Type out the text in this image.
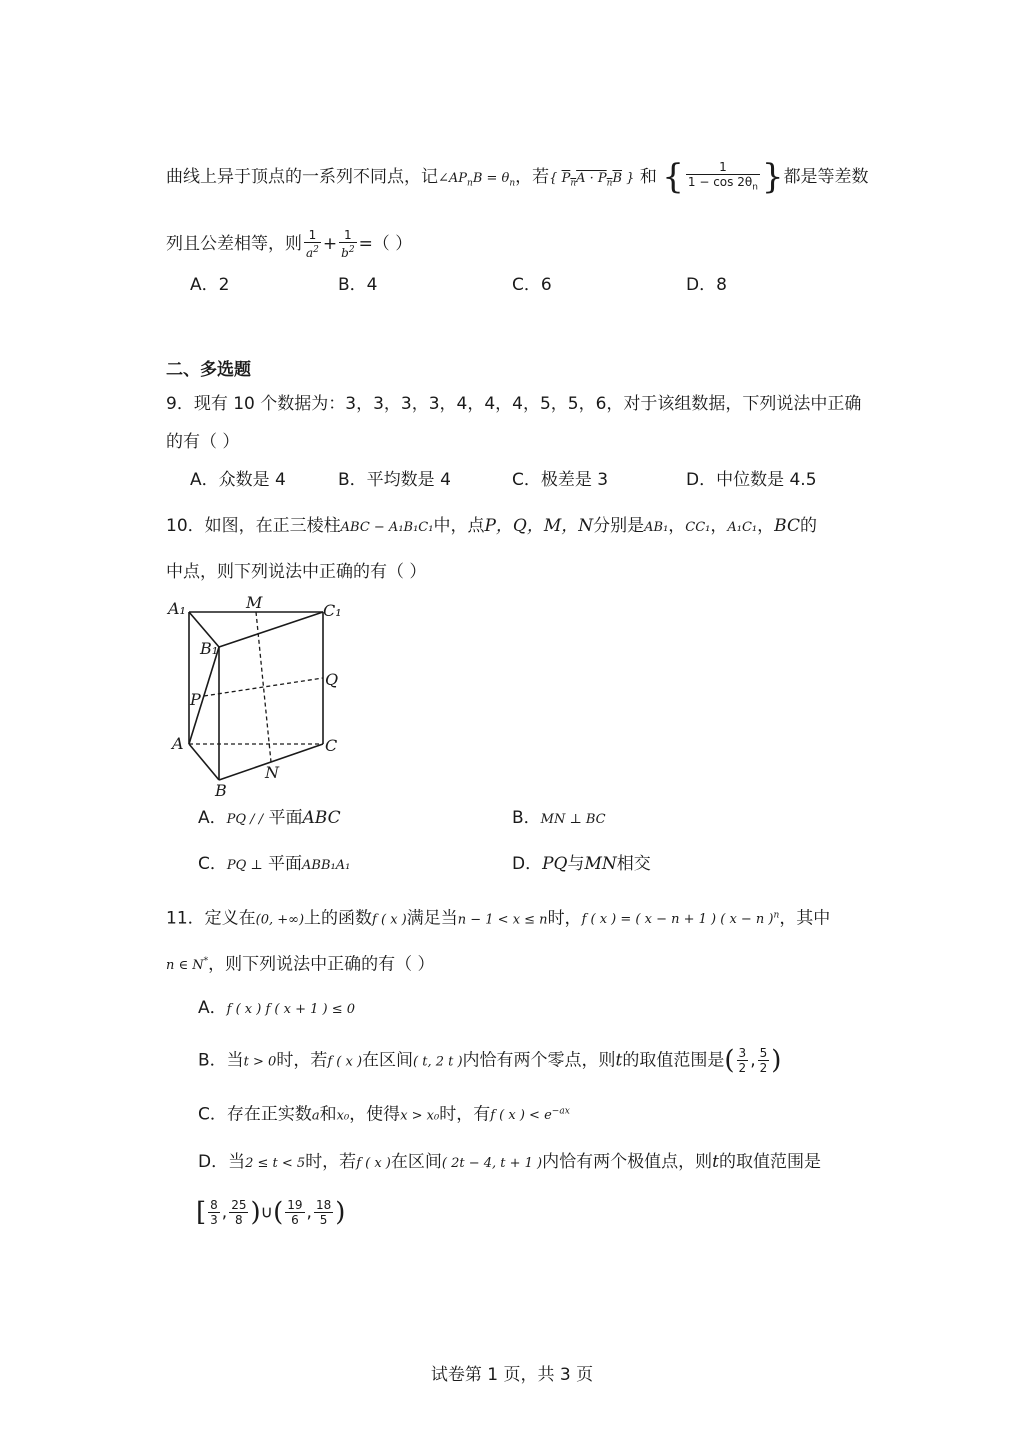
曲线上异于顶点的一系列不同点，记$\angle AP_nB = \theta_n$，若{ $P_nA \cdot P_nB$ } 和 { $\frac{1}{1 - \cos 2\theta_n}$ }都是等差数
列且公差相等，则 $\frac{1}{a^2} + \frac{1}{b^2}$ =（ ）
A．2	B．4	C．6	D．8
二、多选题
9．现有 10 个数据为：3，3，3，3，4，4，4，5，5，6，对于该组数据，下列说法中正确
的有（ ）
A．众数是 4	B．平均数是 4	C．极差是 3	D．中位数是 4.5
10．如图，在正三棱柱ABC − A₁B₁C₁中，点P，Q，M，N分别是AB₁，CC₁，A₁C₁，BC的
中点，则下列说法中正确的有（ ）
A₁	M	C₁
B₁
Q
P
A	C
N
B
A．PQ / / 平面ABC	B．MN ⊥ BC
C．PQ ⊥ 平面ABB₁A₁	D．PQ与MN相交
11．定义在(0, +∞)上的函数f ( x )满足当n − 1 < x ≤ n时，f ( x ) = ( x − n + 1 ) ( x − n )$^n$，其中
n ∈ N*，则下列说法中正确的有（ ）
A．f ( x ) f ( x + 1 ) ≤ 0
B．当t > 0时，若f ( x )在区间( t, 2 t )内恰有两个零点，则t的取值范围是( $\frac{3}{2}$ , $\frac{5}{2}$ )
C．存在正实数a和x₀，使得x > x₀时，有f ( x ) < $e^{-ax}$
D．当2 ≤ t < 5时，若f ( x )在区间( 2t − 4, t + 1 )内恰有两个极值点，则t的取值范围是
[ $\frac{8}{3}$ , $\frac{25}{8}$ )∪( $\frac{19}{6}$ , $\frac{18}{5}$ )
试卷第 1 页，共 3 页
